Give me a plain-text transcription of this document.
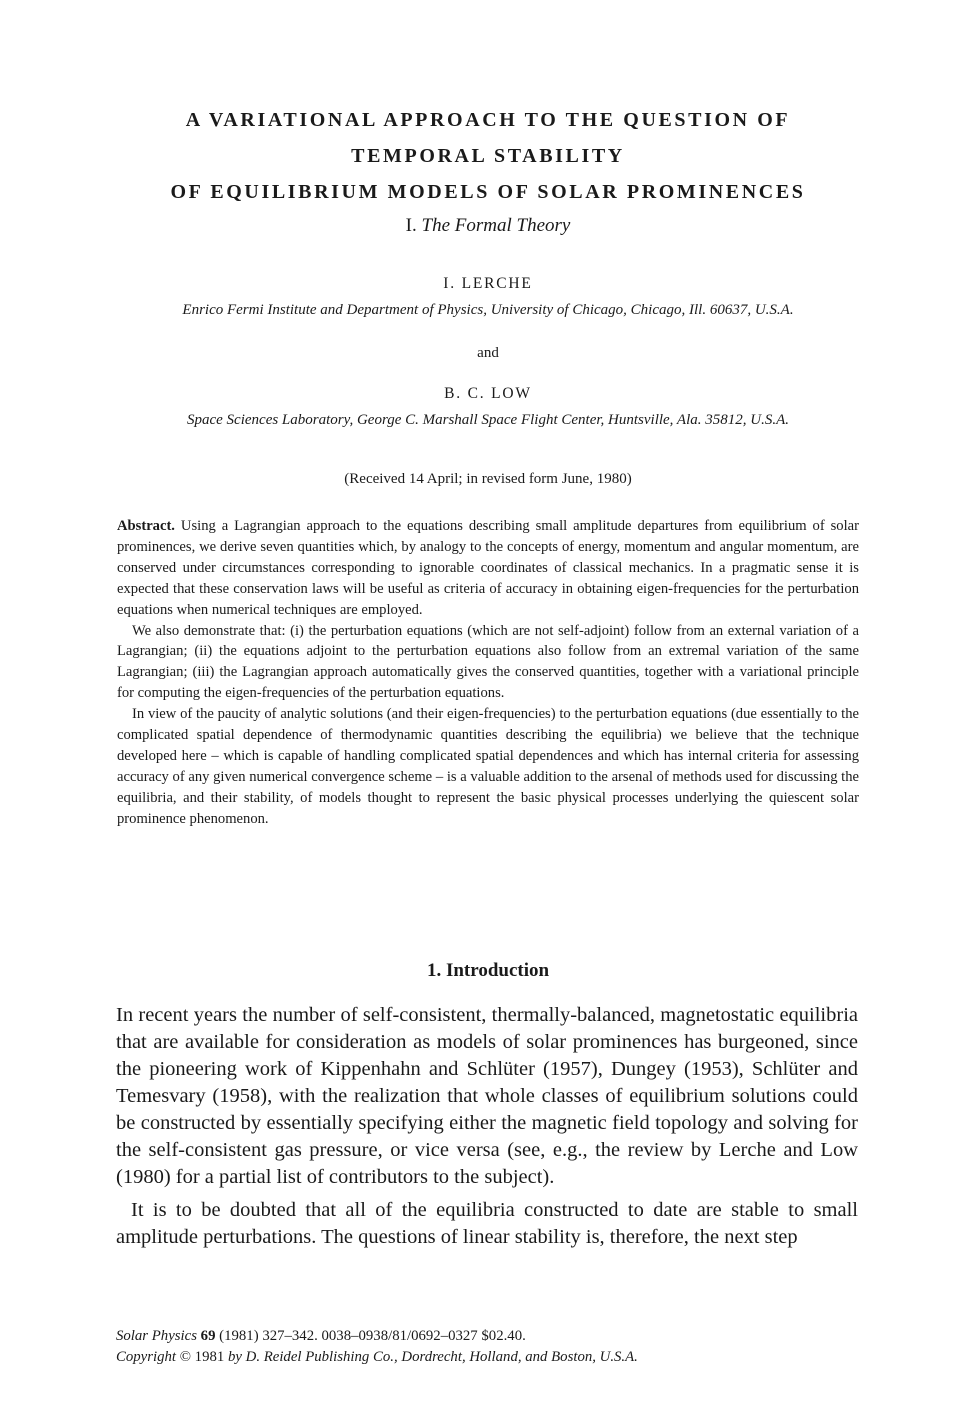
A VARIATIONAL APPROACH TO THE QUESTION OF
TEMPORAL STABILITY
OF EQUILIBRIUM MODELS OF SOLAR PROMINENCES
I. The Formal Theory
I. LERCHE
Enrico Fermi Institute and Department of Physics, University of Chicago, Chicago, Ill. 60637, U.S.A.
and
B. C. LOW
Space Sciences Laboratory, George C. Marshall Space Flight Center, Huntsville, Ala. 35812, U.S.A.
(Received 14 April; in revised form June, 1980)

Abstract. Using a Lagrangian approach to the equations describing small amplitude departures from equilibrium of solar prominences, we derive seven quantities which, by analogy to the concepts of energy, momentum and angular momentum, are conserved under circumstances corresponding to ignorable coordinates of classical mechanics. In a pragmatic sense it is expected that these conservation laws will be useful as criteria of accuracy in obtaining eigen-frequencies for the perturbation equations when numerical techniques are employed.

We also demonstrate that: (i) the perturbation equations (which are not self-adjoint) follow from an external variation of a Lagrangian; (ii) the equations adjoint to the perturbation equations also follow from an extremal variation of the same Lagrangian; (iii) the Lagrangian approach automatically gives the conserved quantities, together with a variational principle for computing the eigen-frequencies of the perturbation equations.

In view of the paucity of analytic solutions (and their eigen-frequencies) to the perturbation equations (due essentially to the complicated spatial dependence of thermodynamic quantities describing the equilibria) we believe that the technique developed here – which is capable of handling complicated spatial dependences and which has internal criteria for assessing accuracy of any given numerical convergence scheme – is a valuable addition to the arsenal of methods used for discussing the equilibria, and their stability, of models thought to represent the basic physical processes underlying the quiescent solar prominence phenomenon.

1. Introduction

In recent years the number of self-consistent, thermally-balanced, magnetostatic equilibria that are available for consideration as models of solar prominences has burgeoned, since the pioneering work of Kippenhahn and Schlüter (1957), Dungey (1953), Schlüter and Temesvary (1958), with the realization that whole classes of equilibrium solutions could be constructed by essentially specifying either the magnetic field topology and solving for the self-consistent gas pressure, or vice versa (see, e.g., the review by Lerche and Low (1980) for a partial list of contributors to the subject).

It is to be doubted that all of the equilibria constructed to date are stable to small amplitude perturbations. The questions of linear stability is, therefore, the next step

Solar Physics 69 (1981) 327–342. 0038–0938/81/0692–0327 $02.40.
Copyright © 1981 by D. Reidel Publishing Co., Dordrecht, Holland, and Boston, U.S.A.
